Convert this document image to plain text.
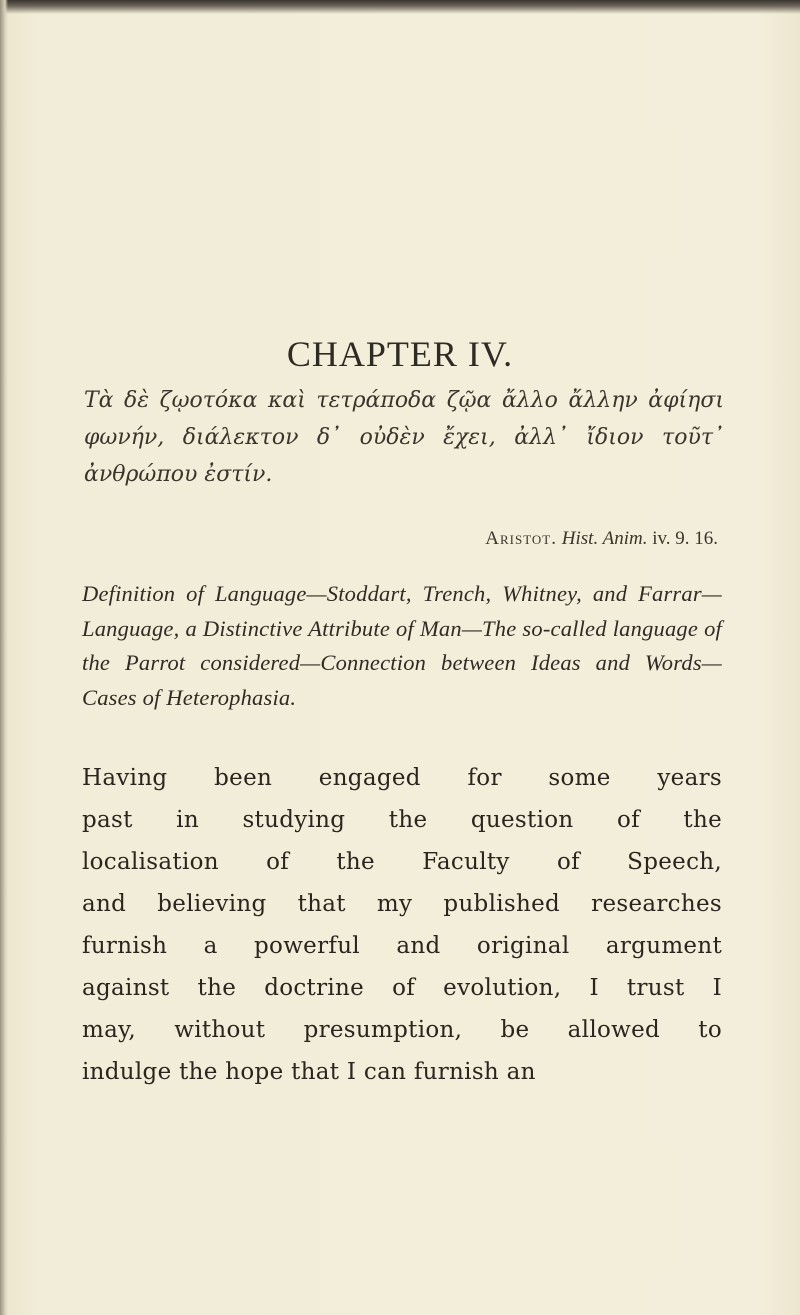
CHAPTER IV.
Τὰ δὲ ζῳοτόκα καὶ τετράποδα ζῷα ἄλλο ἄλλην ἀφίησι φωνήν, διάλεκτον δ᾽ οὐδὲν ἔχει, ἀλλ᾽ ἴδιον τοῦτ᾽ ἀνθρώπου ἐστίν.
Aristot. Hist. Anim. iv. 9. 16.
Definition of Language—Stoddart, Trench, Whitney, and Farrar—Language, a Distinctive Attribute of Man—The so-called language of the Parrot considered—Connection between Ideas and Words—Cases of Heterophasia.
Having been engaged for some years
past in studying the question of the
localisation of the Faculty of Speech,
and believing that my published researches
furnish a powerful and original argument
against the doctrine of evolution, I trust I
may, without presumption, be allowed to
indulge the hope that I can furnish an
